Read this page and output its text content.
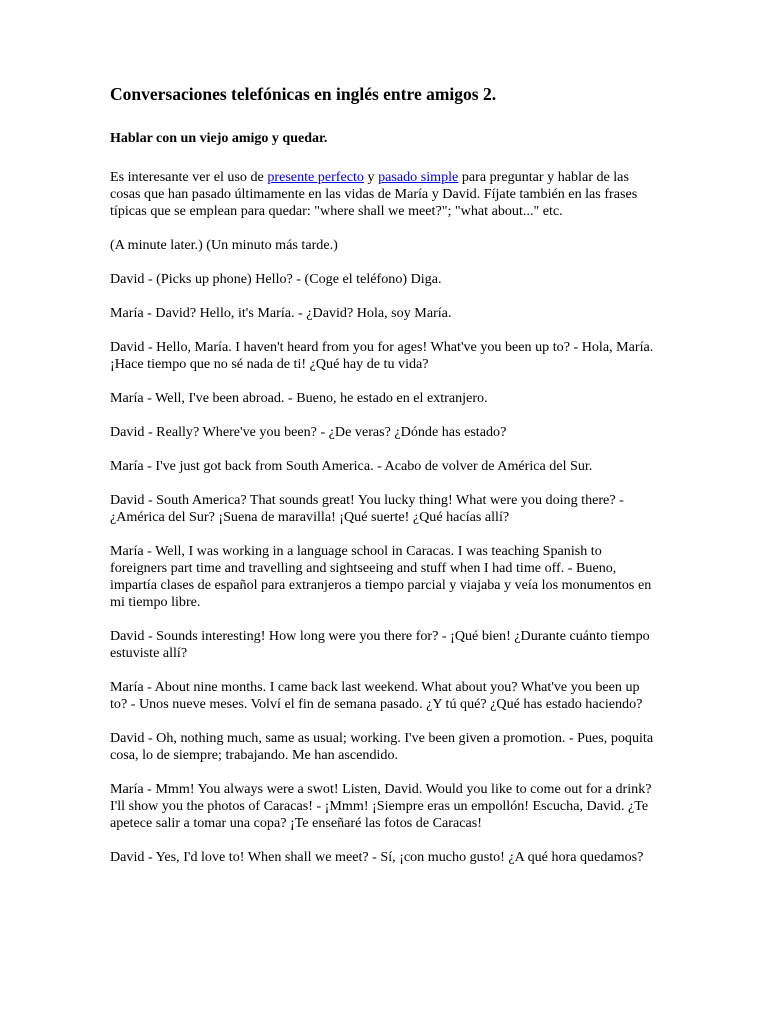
Conversaciones telefónicas en inglés entre amigos 2.
Hablar con un viejo amigo y quedar.

Es interesante ver el uso de presente perfecto y pasado simple para preguntar y hablar de las cosas que han pasado últimamente en las vidas de María y David. Fíjate también en las frases típicas que se emplean para quedar: "where shall we meet?"; "what about..." etc.

(A minute later.) (Un minuto más tarde.)

David - (Picks up phone) Hello? - (Coge el teléfono) Diga.

María - David? Hello, it's María. - ¿David? Hola, soy María.

David - Hello, María. I haven't heard from you for ages! What've you been up to? - Hola, María. ¡Hace tiempo que no sé nada de ti! ¿Qué hay de tu vida?

María - Well, I've been abroad. - Bueno, he estado en el extranjero.

David - Really? Where've you been? - ¿De veras? ¿Dónde has estado?

María - I've just got back from South America. - Acabo de volver de América del Sur.

David - South America? That sounds great! You lucky thing! What were you doing there? - ¿América del Sur? ¡Suena de maravilla! ¡Qué suerte! ¿Qué hacías allí?

María - Well, I was working in a language school in Caracas. I was teaching Spanish to foreigners part time and travelling and sightseeing and stuff when I had time off. - Bueno, impartía clases de español para extranjeros a tiempo parcial y viajaba y veía los monumentos en mi tiempo libre.

David - Sounds interesting! How long were you there for? - ¡Qué bien! ¿Durante cuánto tiempo estuviste allí?

María - About nine months. I came back last weekend. What about you? What've you been up to? - Unos nueve meses. Volví el fin de semana pasado. ¿Y tú qué? ¿Qué has estado haciendo?

David - Oh, nothing much, same as usual; working. I've been given a promotion. - Pues, poquita cosa, lo de siempre; trabajando. Me han ascendido.

María - Mmm! You always were a swot! Listen, David. Would you like to come out for a drink? I'll show you the photos of Caracas! - ¡Mmm! ¡Siempre eras un empollón! Escucha, David. ¿Te apetece salir a tomar una copa? ¡Te enseñaré las fotos de Caracas!

David - Yes, I'd love to! When shall we meet? - Sí, ¡con mucho gusto! ¿A qué hora quedamos?
